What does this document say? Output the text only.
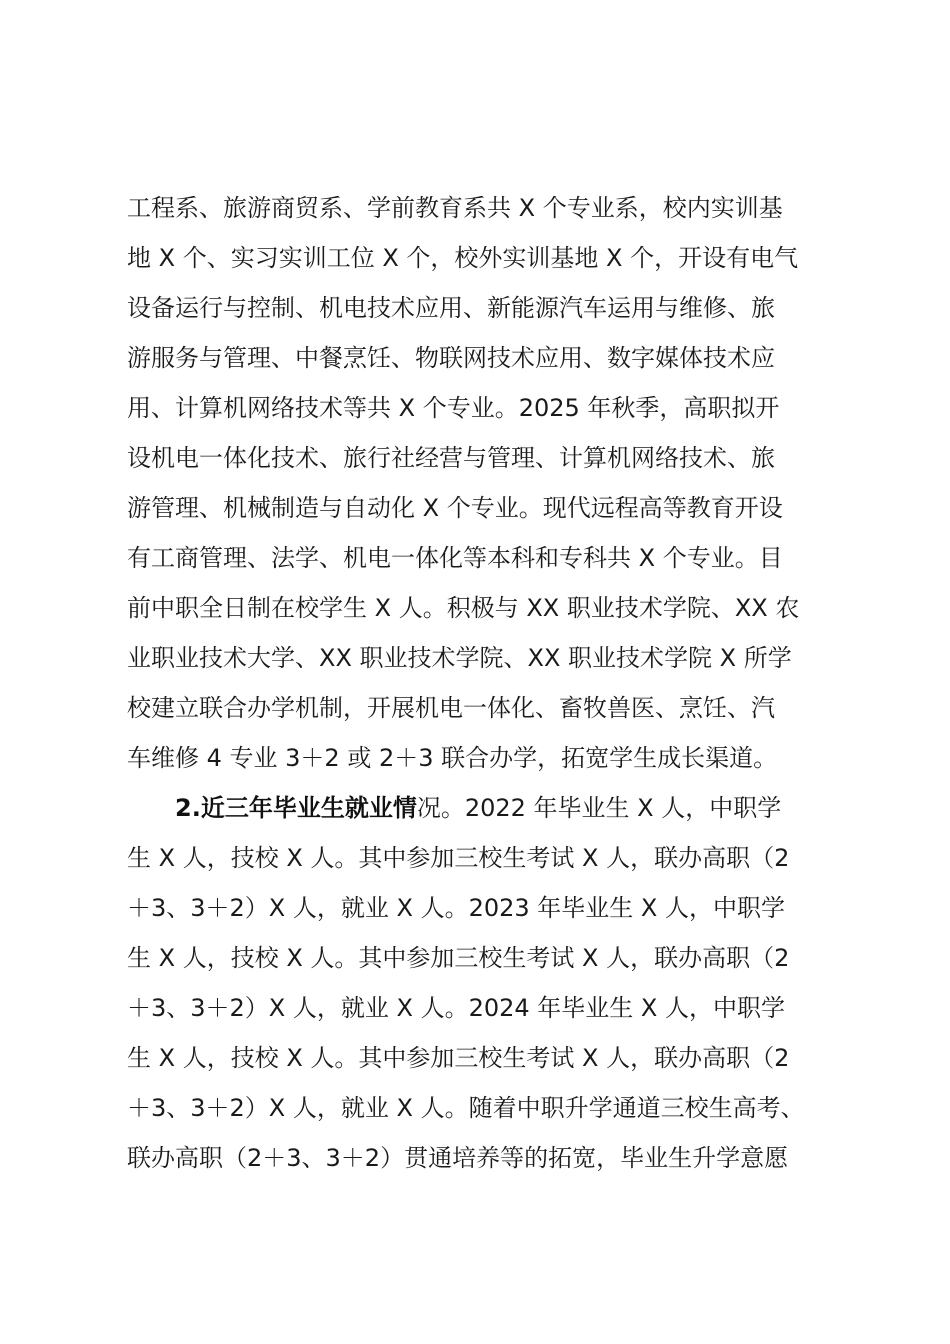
工程系、旅游商贸系、学前教育系共 X 个专业系，校内实训基
地 X 个、实习实训工位 X 个，校外实训基地 X 个，开设有电气
设备运行与控制、机电技术应用、新能源汽车运用与维修、旅
游服务与管理、中餐烹饪、物联网技术应用、数字媒体技术应
用、计算机网络技术等共 X 个专业。2025 年秋季，高职拟开
设机电一体化技术、旅行社经营与管理、计算机网络技术、旅
游管理、机械制造与自动化 X 个专业。现代远程高等教育开设
有工商管理、法学、机电一体化等本科和专科共 X 个专业。目
前中职全日制在校学生 X 人。积极与 XX 职业技术学院、XX 农
业职业技术大学、XX 职业技术学院、XX 职业技术学院 X 所学
校建立联合办学机制，开展机电一体化、畜牧兽医、烹饪、汽
车维修 4 专业 3＋2 或 2＋3 联合办学，拓宽学生成长渠道。
2.近三年毕业生就业情况。2022 年毕业生 X 人，中职学
生 X 人，技校 X 人。其中参加三校生考试 X 人，联办高职（2
＋3、3＋2）X 人，就业 X 人。2023 年毕业生 X 人，中职学
生 X 人，技校 X 人。其中参加三校生考试 X 人，联办高职（2
＋3、3＋2）X 人，就业 X 人。2024 年毕业生 X 人，中职学
生 X 人，技校 X 人。其中参加三校生考试 X 人，联办高职（2
＋3、3＋2）X 人，就业 X 人。随着中职升学通道三校生高考、
联办高职（2＋3、3＋2）贯通培养等的拓宽，毕业生升学意愿
